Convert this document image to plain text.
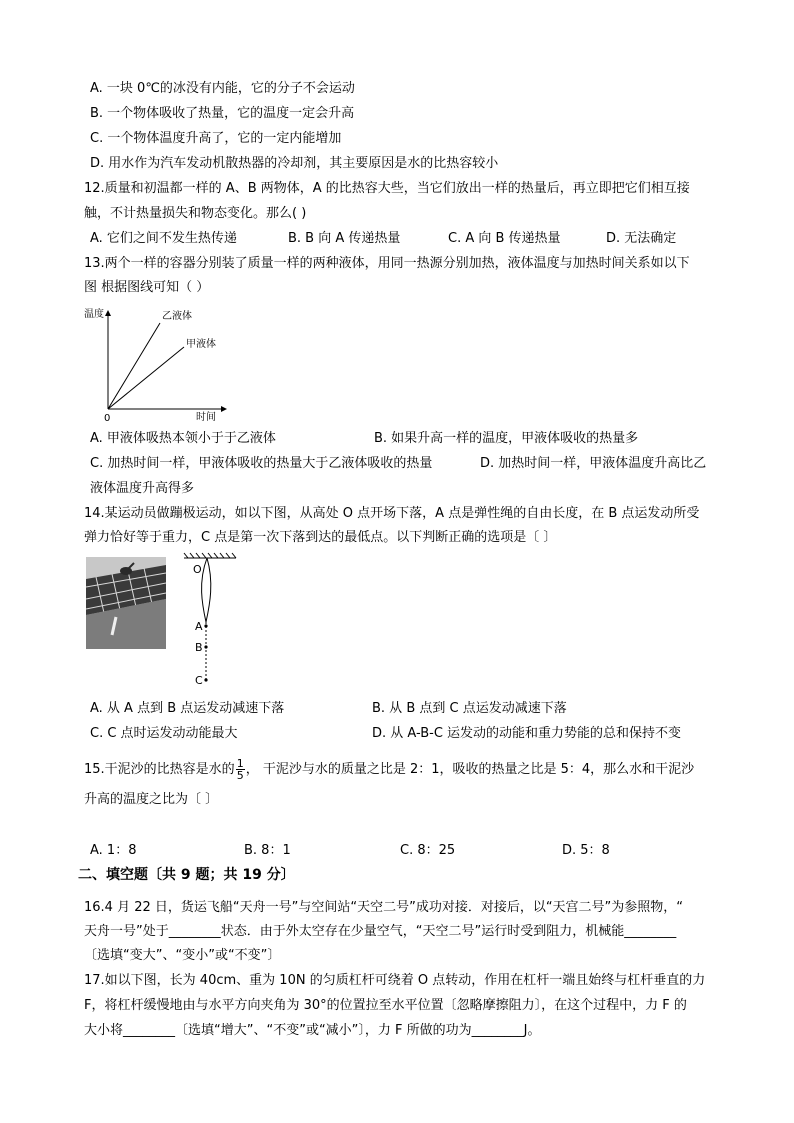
A. 一块 0℃的冰没有内能，它的分子不会运动
B. 一个物体吸收了热量，它的温度一定会升高
C. 一个物体温度升高了，它的一定内能增加
D. 用水作为汽车发动机散热器的冷却剂，其主要原因是水的比热容较小
12.质量和初温都一样的 A、B 两物体，A 的比热容大些，当它们放出一样的热量后，再立即把它们相互接
触，不计热量损失和物态变化。那么( )
A. 它们之间不发生热传递	B. B 向 A 传递热量	C. A 向 B 传递热量	D. 无法确定
13.两个一样的容器分别装了质量一样的两种液体，用同一热源分别加热，液体温度与加热时间关系如以下
图 根据图线可知（ ）
温度
时间
0
乙液体
甲液体
A. 甲液体吸热本领小于于乙液体	B. 如果升高一样的温度，甲液体吸收的热量多
C. 加热时间一样，甲液体吸收的热量大于乙液体吸收的热量	D. 加热时间一样，甲液体温度升高比乙
液体温度升高得多
14.某运动员做蹦极运动，如以下图，从高处 O 点开场下落，A 点是弹性绳的自由长度，在 B 点运发动所受
弹力恰好等于重力，C 点是第一次下落到达的最低点。以下判断正确的选项是〔 〕
O
A
B
C
A. 从 A 点到 B 点运发动减速下落	B. 从 B 点到 C 点运发动减速下落
C. C 点时运发动动能最大	D. 从 A-B-C 运发动的动能和重力势能的总和保持不变
15.干泥沙的比热容是水的 $\frac{1}{5}$ ， 干泥沙与水的质量之比是 2：1，吸收的热量之比是 5：4，那么水和干泥沙
升高的温度之比为〔 〕
A. 1：8	B. 8：1	C. 8：25	D. 5：8
二、填空题〔共 9 题；共 19 分〕
16.4 月 22 日，货运飞船“天舟一号”与空间站“天空二号”成功对接．对接后，以“天宫二号”为参照物，“
天舟一号”处于________状态．由于外太空存在少量空气，“天空二号”运行时受到阻力，机械能________
〔选填“变大”、“变小”或“不变”〕
17.如以下图，长为 40cm、重为 10N 的匀质杠杆可绕着 O 点转动，作用在杠杆一端且始终与杠杆垂直的力
F，将杠杆缓慢地由与水平方向夹角为 30°的位置拉至水平位置〔忽略摩擦阻力〕，在这个过程中，力 F 的
大小将________〔选填“增大”、“不变”或“减小”〕，力 F 所做的功为________J。
